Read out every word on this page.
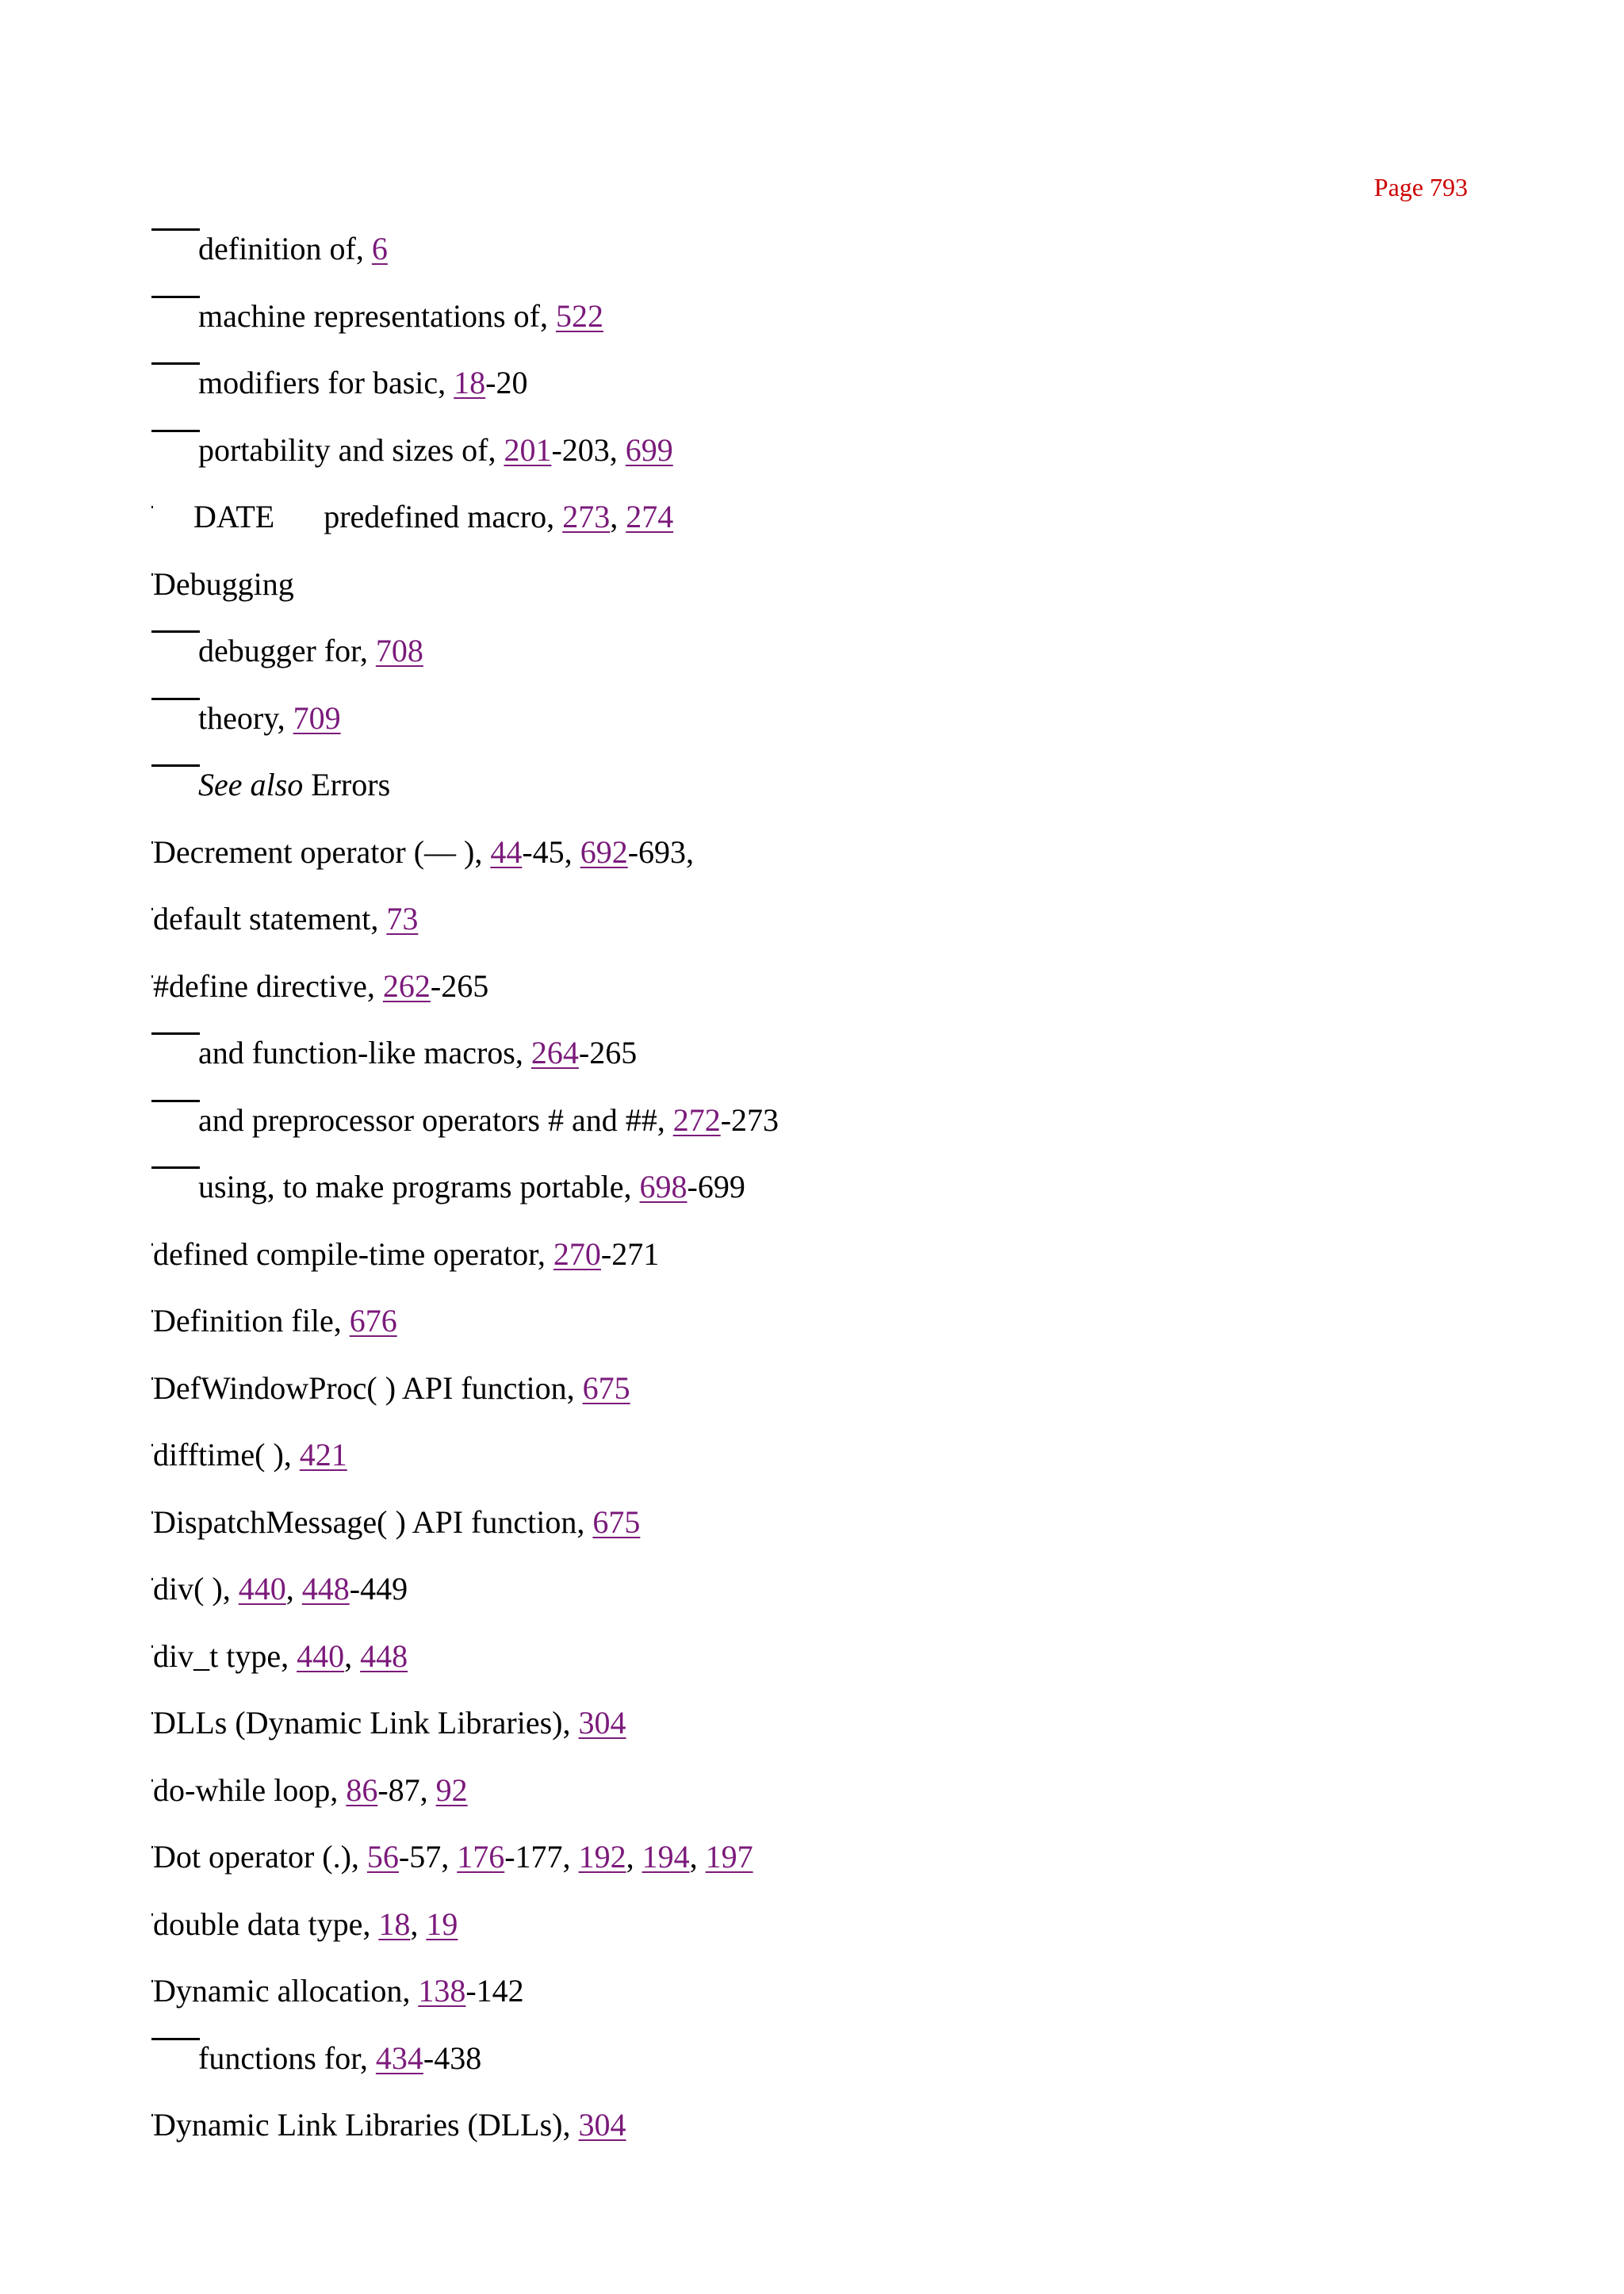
Page 793
definition of, 6
machine representations of, 522
modifiers for basic, 18-20
portability and sizes of, 201-203, 699
DATE predefined macro, 273, 274
Debugging
debugger for, 708
theory, 709
See also Errors
Decrement operator (— ), 44-45, 692-693,
default statement, 73
#define directive, 262-265
and function-like macros, 264-265
and preprocessor operators # and ##, 272-273
using, to make programs portable, 698-699
defined compile-time operator, 270-271
Definition file, 676
DefWindowProc( ) API function, 675
difftime( ), 421
DispatchMessage( ) API function, 675
div( ), 440, 448-449
div_t type, 440, 448
DLLs (Dynamic Link Libraries), 304
do-while loop, 86-87, 92
Dot operator (.), 56-57, 176-177, 192, 194, 197
double data type, 18, 19
Dynamic allocation, 138-142
functions for, 434-438
Dynamic Link Libraries (DLLs), 304
